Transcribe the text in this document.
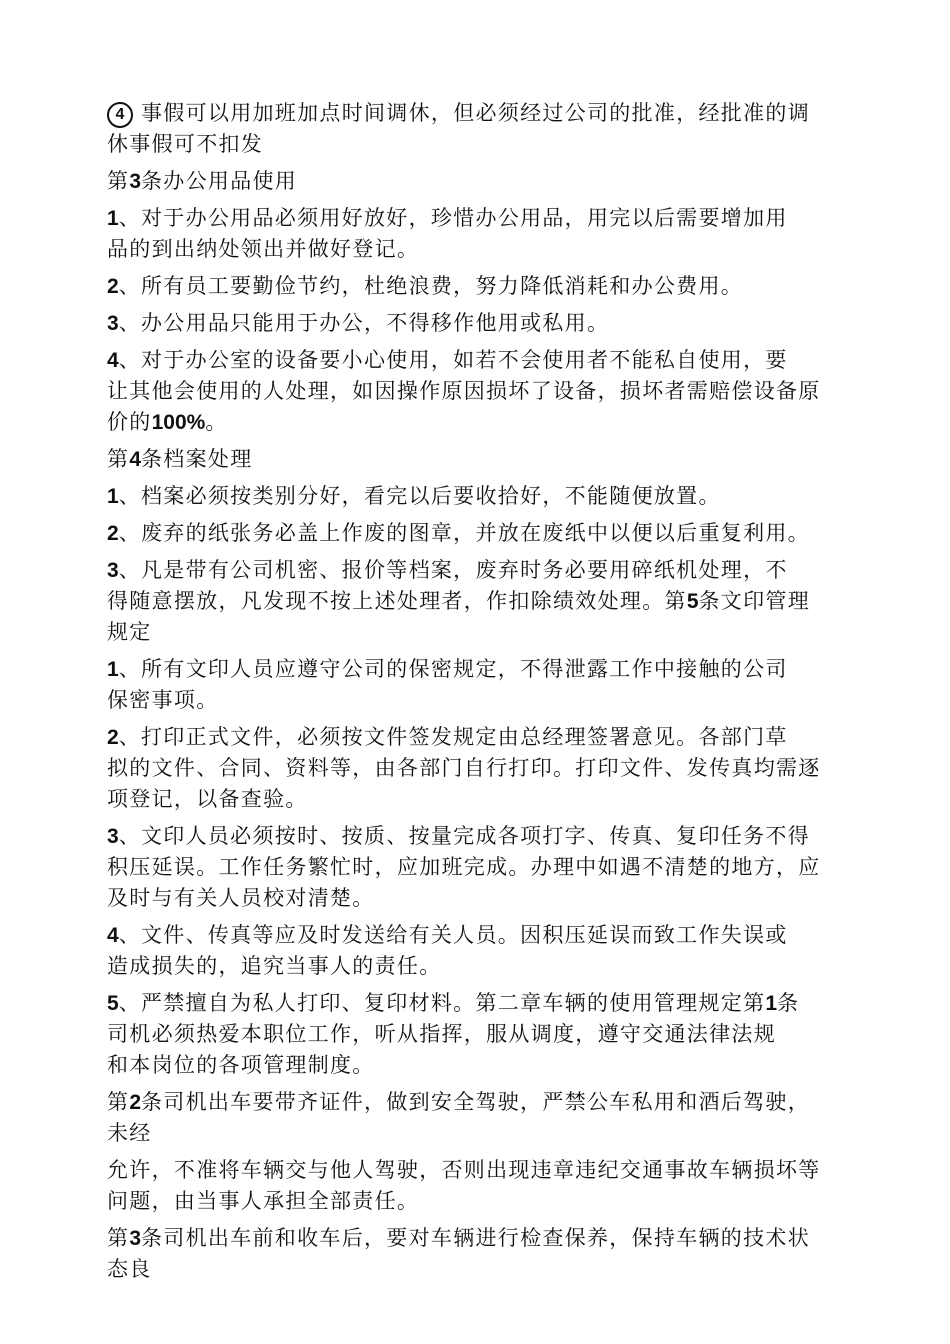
4 事假可以用加班加点时间调休，但必须经过公司的批准，经批准的调
休事假可不扣发
第3条办公用品使用
1、对于办公用品必须用好放好，珍惜办公用品，用完以后需要增加用
品的到出纳处领出并做好登记。
2、所有员工要勤俭节约，杜绝浪费，努力降低消耗和办公费用。
3、办公用品只能用于办公，不得移作他用或私用。
4、对于办公室的设备要小心使用，如若不会使用者不能私自使用，要
让其他会使用的人处理，如因操作原因损坏了设备，损坏者需赔偿设备原
价的100%。
第4条档案处理
1、档案必须按类别分好，看完以后要收拾好，不能随便放置。
2、废弃的纸张务必盖上作废的图章，并放在废纸中以便以后重复利用。
3、凡是带有公司机密、报价等档案，废弃时务必要用碎纸机处理，不
得随意摆放，凡发现不按上述处理者，作扣除绩效处理。第5条文印管理
规定
1、所有文印人员应遵守公司的保密规定，不得泄露工作中接触的公司
保密事项。
2、打印正式文件，必须按文件签发规定由总经理签署意见。各部门草
拟的文件、合同、资料等，由各部门自行打印。打印文件、发传真均需逐
项登记，以备查验。
3、文印人员必须按时、按质、按量完成各项打字、传真、复印任务不得
积压延误。工作任务繁忙时，应加班完成。办理中如遇不清楚的地方，应
及时与有关人员校对清楚。
4、文件、传真等应及时发送给有关人员。因积压延误而致工作失误或
造成损失的，追究当事人的责任。
5、严禁擅自为私人打印、复印材料。第二章车辆的使用管理规定第1条
司机必须热爱本职位工作，听从指挥，服从调度，遵守交通法律法规
和本岗位的各项管理制度。
第2条司机出车要带齐证件，做到安全驾驶，严禁公车私用和酒后驾驶，
未经
允许，不准将车辆交与他人驾驶，否则出现违章违纪交通事故车辆损坏等
问题，由当事人承担全部责任。
第3条司机出车前和收车后，要对车辆进行检查保养，保持车辆的技术状
态良
